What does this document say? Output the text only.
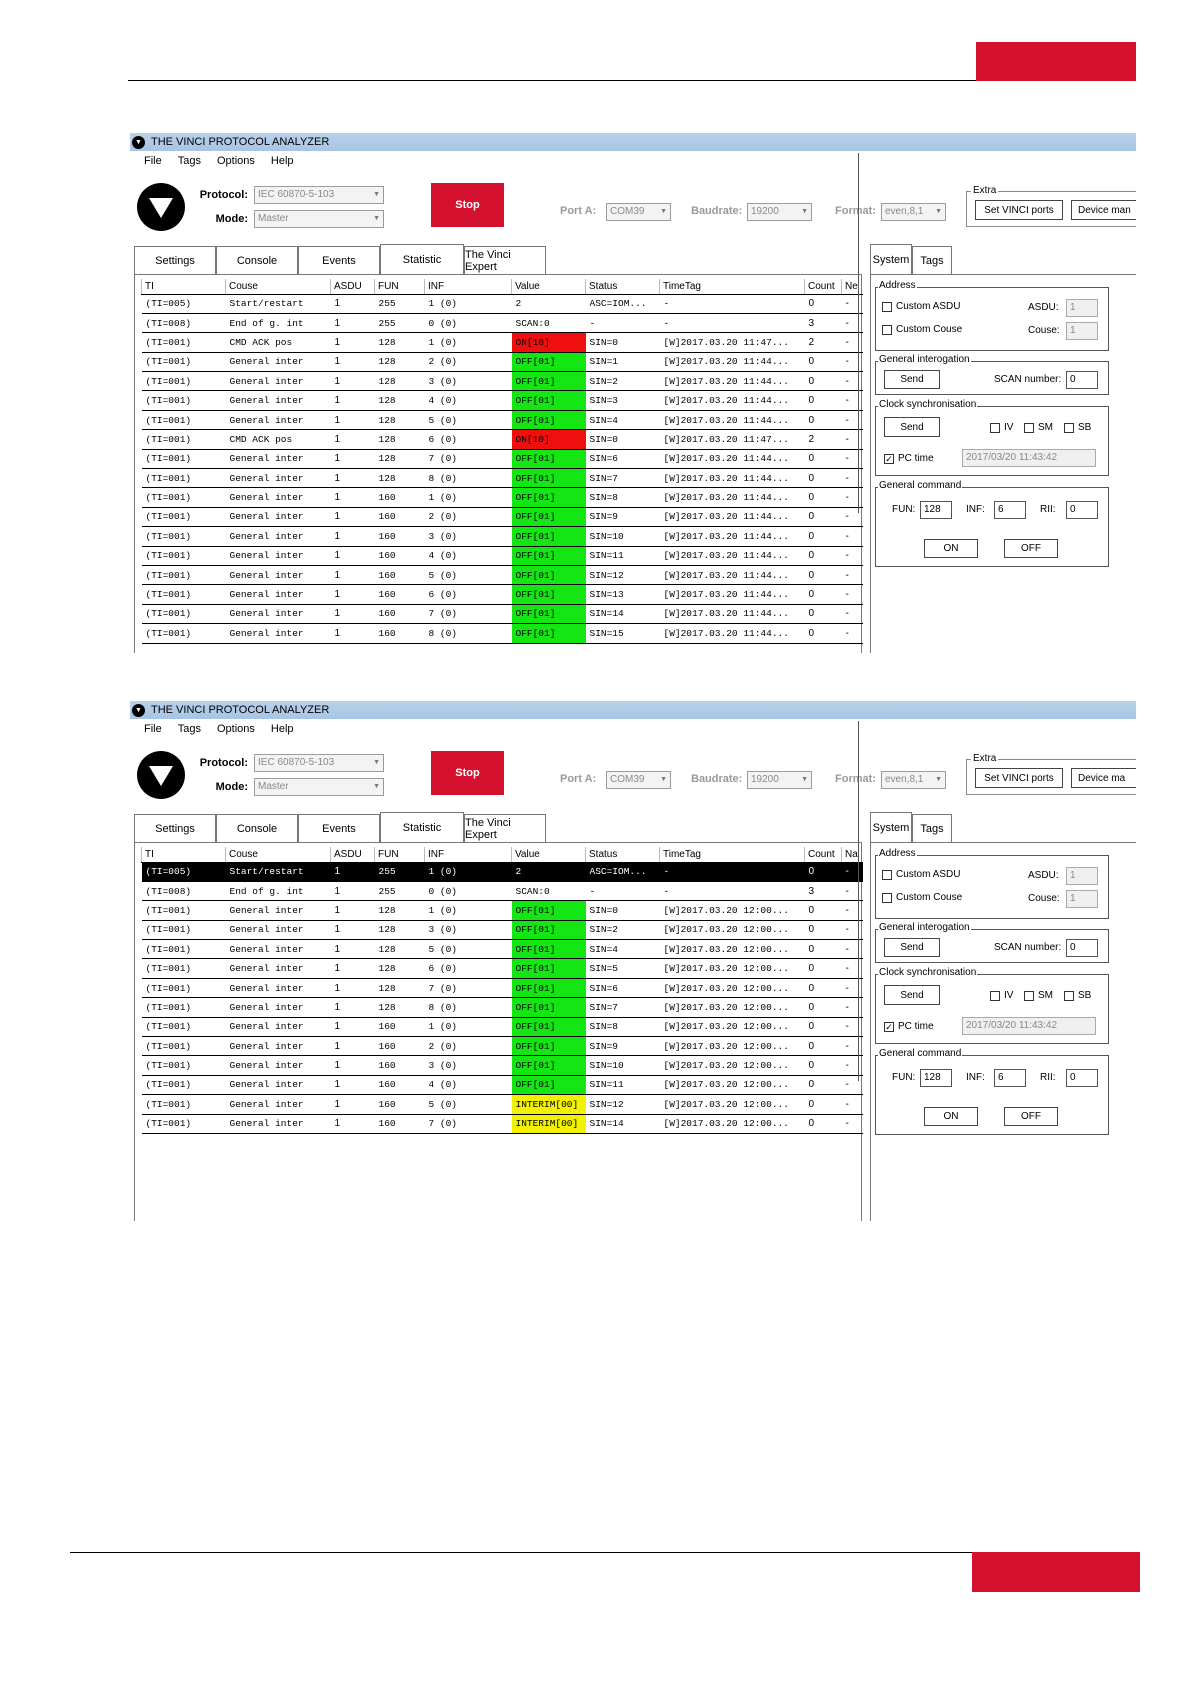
▼ THE VINCI PROTOCOL ANALYZER
File Tags Options Help
Protocol:	IEC 60870-5-103	▼
Mode:	Master	▼
Stop	Port A:	COM39 ▼ Baudrate: 19200	▼ Format: even,8,1 ▼
Extra
Set VINCI ports	Device man
Settings	Console	Events	Statistic	The Vinci Expert
TI	Couse	ASDU	FUN	INF	Value	Status	TimeTag	Count	Ne
(TI=005)	Start/restart	1	255	1 (0)	2	ASC=IOM...	-	0	-
(TI=008)	End of g. int	1	255	0 (0)	SCAN:0	-	-	3	-
(TI=001)	CMD ACK pos	1	128	1 (0)	ON[10]	SIN=0	[W]2017.03.20 11:47...	2	-
(TI=001)	General inter	1	128	2 (0)	OFF[01]	SIN=1	[W]2017.03.20 11:44...	0	-
(TI=001)	General inter	1	128	3 (0)	OFF[01]	SIN=2	[W]2017.03.20 11:44...	0	-
(TI=001)	General inter	1	128	4 (0)	OFF[01]	SIN=3	[W]2017.03.20 11:44...	0	-
(TI=001)	General inter	1	128	5 (0)	OFF[01]	SIN=4	[W]2017.03.20 11:44...	0	-
(TI=001)	CMD ACK pos	1	128	6 (0)	ON[10]	SIN=0	[W]2017.03.20 11:47...	2	-
(TI=001)	General inter	1	128	7 (0)	OFF[01]	SIN=6	[W]2017.03.20 11:44...	0	-
(TI=001)	General inter	1	128	8 (0)	OFF[01]	SIN=7	[W]2017.03.20 11:44...	0	-
(TI=001)	General inter	1	160	1 (0)	OFF[01]	SIN=8	[W]2017.03.20 11:44...	0	-
(TI=001)	General inter	1	160	2 (0)	OFF[01]	SIN=9	[W]2017.03.20 11:44...	0	-
(TI=001)	General inter	1	160	3 (0)	OFF[01]	SIN=10	[W]2017.03.20 11:44...	0	-
(TI=001)	General inter	1	160	4 (0)	OFF[01]	SIN=11	[W]2017.03.20 11:44...	0	-
(TI=001)	General inter	1	160	5 (0)	OFF[01]	SIN=12	[W]2017.03.20 11:44...	0	-
(TI=001)	General inter	1	160	6 (0)	OFF[01]	SIN=13	[W]2017.03.20 11:44...	0	-
(TI=001)	General inter	1	160	7 (0)	OFF[01]	SIN=14	[W]2017.03.20 11:44...	0	-
(TI=001)	General inter	1	160	8 (0)	OFF[01]	SIN=15	[W]2017.03.20 11:44...	0	-
System	Tags
Address
Custom ASDU	ASDU:	1
Custom Couse	Couse:	1
General interogation
Send	SCAN number: 0
Clock synchronisation
Send	IV SM	SB
✓ PC time	2017/03/20 11:43:42
General command
FUN: 128	INF:	6	RII:	0
ON	OFF
▼ THE VINCI PROTOCOL ANALYZER
File Tags Options Help
Protocol:	IEC 60870-5-103	▼
Mode:	Master	▼
Stop	Port A:	COM39 ▼ Baudrate: 19200	▼ Format: even,8,1 ▼
Extra
Set VINCI ports	Device ma
Settings	Console	Events	Statistic	The Vinci Expert
TI	Couse	ASDU	FUN	INF	Value	Status	TimeTag	Count	Na
(TI=005)	Start/restart	1	255	1 (0)	2	ASC=IOM...	-	0	-
(TI=008)	End of g. int	1	255	0 (0)	SCAN:0	-	-	3	-
(TI=001)	General inter	1	128	1 (0)	OFF[01]	SIN=0	[W]2017.03.20 12:00...	0	-
(TI=001)	General inter	1	128	3 (0)	OFF[01]	SIN=2	[W]2017.03.20 12:00...	0	-
(TI=001)	General inter	1	128	5 (0)	OFF[01]	SIN=4	[W]2017.03.20 12:00...	0	-
(TI=001)	General inter	1	128	6 (0)	OFF[01]	SIN=5	[W]2017.03.20 12:00...	0	-
(TI=001)	General inter	1	128	7 (0)	OFF[01]	SIN=6	[W]2017.03.20 12:00...	0	-
(TI=001)	General inter	1	128	8 (0)	OFF[01]	SIN=7	[W]2017.03.20 12:00...	0	-
(TI=001)	General inter	1	160	1 (0)	OFF[01]	SIN=8	[W]2017.03.20 12:00...	0	-
(TI=001)	General inter	1	160	2 (0)	OFF[01]	SIN=9	[W]2017.03.20 12:00...	0	-
(TI=001)	General inter	1	160	3 (0)	OFF[01]	SIN=10	[W]2017.03.20 12:00...	0	-
(TI=001)	General inter	1	160	4 (0)	OFF[01]	SIN=11	[W]2017.03.20 12:00...	0	-
(TI=001)	General inter	1	160	5 (0)	INTERIM[00]	SIN=12	[W]2017.03.20 12:00...	0	-
(TI=001)	General inter	1	160	7 (0)	INTERIM[00]	SIN=14	[W]2017.03.20 12:00...	0	-
System	Tags
Address
Custom ASDU	ASDU:	1
Custom Couse	Couse:	1
General interogation
Send	SCAN number: 0
Clock synchronisation
Send	IV SM	SB
✓ PC time	2017/03/20 11:43:42
General command
FUN: 128	INF:	6	RII:	0
ON	OFF
